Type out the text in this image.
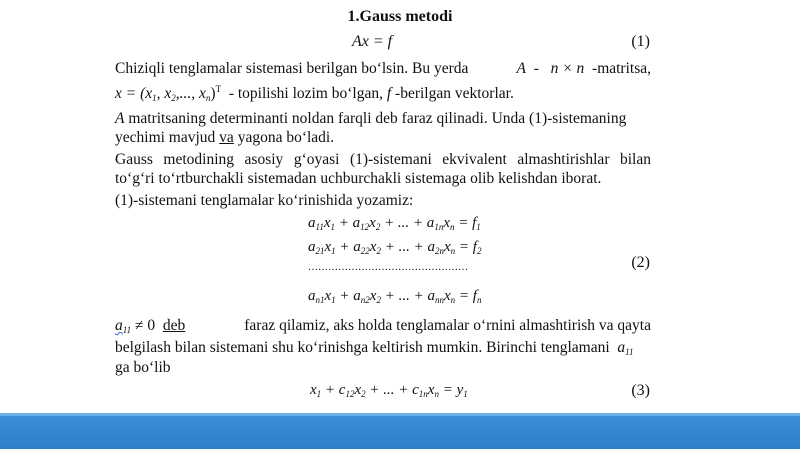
1.Gauss metodi
Ax = f	(1)
Chiziqli tenglamalar sistemasi berilgan bo‘lsin. Bu yerda	A - n × n -matritsa,
$x = (x_1$, $x_2$,..., $x_n)^T$ - topilishi lozim bo‘lgan, f -berilgan vektorlar.
A matritsaning determinanti noldan farqli deb faraz qilinadi. Unda (1)-sistemaning
yechimi mavjud va yagona bo‘ladi.
Gauss metodining asosiy g‘oyasi (1)-sistemani ekvivalent almashtirishlar bilan
to‘g‘ri to‘rtburchakli sistemadan uchburchakli sistemaga olib kelishdan iborat.
(1)-sistemani tenglamalar ko‘rinishida yozamiz:
$a_{11}x_1 + a_{12}x_2$ + ... + $a_{1n}x_n = f_1$
$a_{21}x_1 + a_{22}x_2$ + ... + $a_{2n}x_n = f_2$
…………………………………………	(2)
$a_{n1}x_1 + a_{n2}x_2$ + ... + $a_{nn}x_n = f_n$
$a_{11} \ne 0$ deb	faraz qilamiz, aks holda tenglamalar o‘rnini almashtirish va qayta
belgilash bilan sistemani shu ko‘rinishga keltirish mumkin. Birinchi tenglamani $a_{11}$
ga bo‘lib
$x_1 + c_{12}x_2$ + ... + $c_{1n}x_n = y_1$	(3)
